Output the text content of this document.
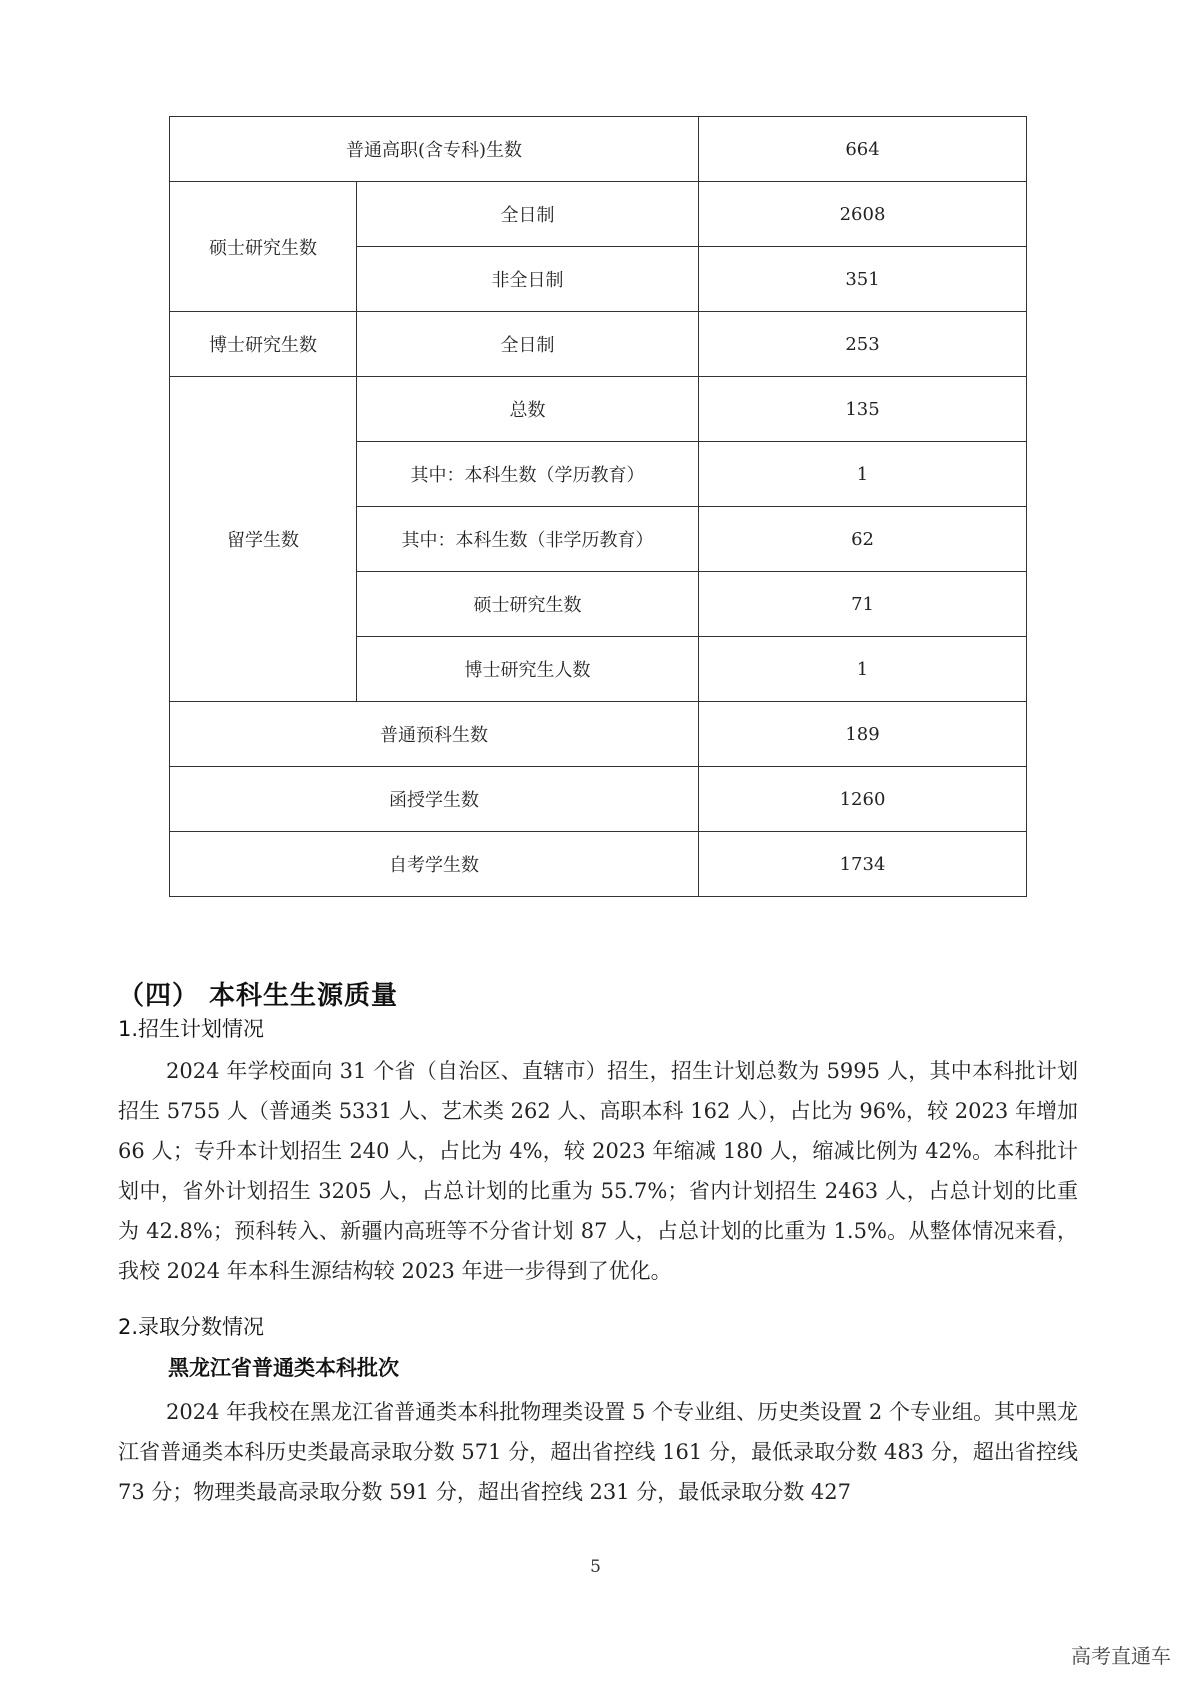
普通高职(含专科)生数		664
硕士研究生数	全日制	2608
	非全日制	351
博士研究生数	全日制	253
留学生数	总数	135
	其中：本科生数（学历教育）	1
	其中：本科生数（非学历教育）	62
	硕士研究生数	71
	博士研究生人数	1
普通预科生数		189
函授学生数		1260
自考学生数		1734
（四） 本科生生源质量
1.招生计划情况
2024 年学校面向 31 个省（自治区、直辖市）招生，招生计划总数为 5995 人，其中本科批计划招生 5755 人（普通类 5331 人、艺术类 262 人、高职本科 162 人），占比为 96%，较 2023 年增加 66 人；专升本计划招生 240 人，占比为 4%，较 2023 年缩减 180 人，缩减比例为 42%。本科批计划中，省外计划招生 3205 人，占总计划的比重为 55.7%；省内计划招生 2463 人，占总计划的比重为 42.8%；预科转入、新疆内高班等不分省计划 87 人，占总计划的比重为 1.5%。从整体情况来看，我校 2024 年本科生源结构较 2023 年进一步得到了优化。
2.录取分数情况
黑龙江省普通类本科批次
2024 年我校在黑龙江省普通类本科批物理类设置 5 个专业组、历史类设置 2 个专业组。其中黑龙江省普通类本科历史类最高录取分数 571 分，超出省控线 161 分，最低录取分数 483 分，超出省控线 73 分；物理类最高录取分数 591 分，超出省控线 231 分，最低录取分数 427
5
高考直通车
